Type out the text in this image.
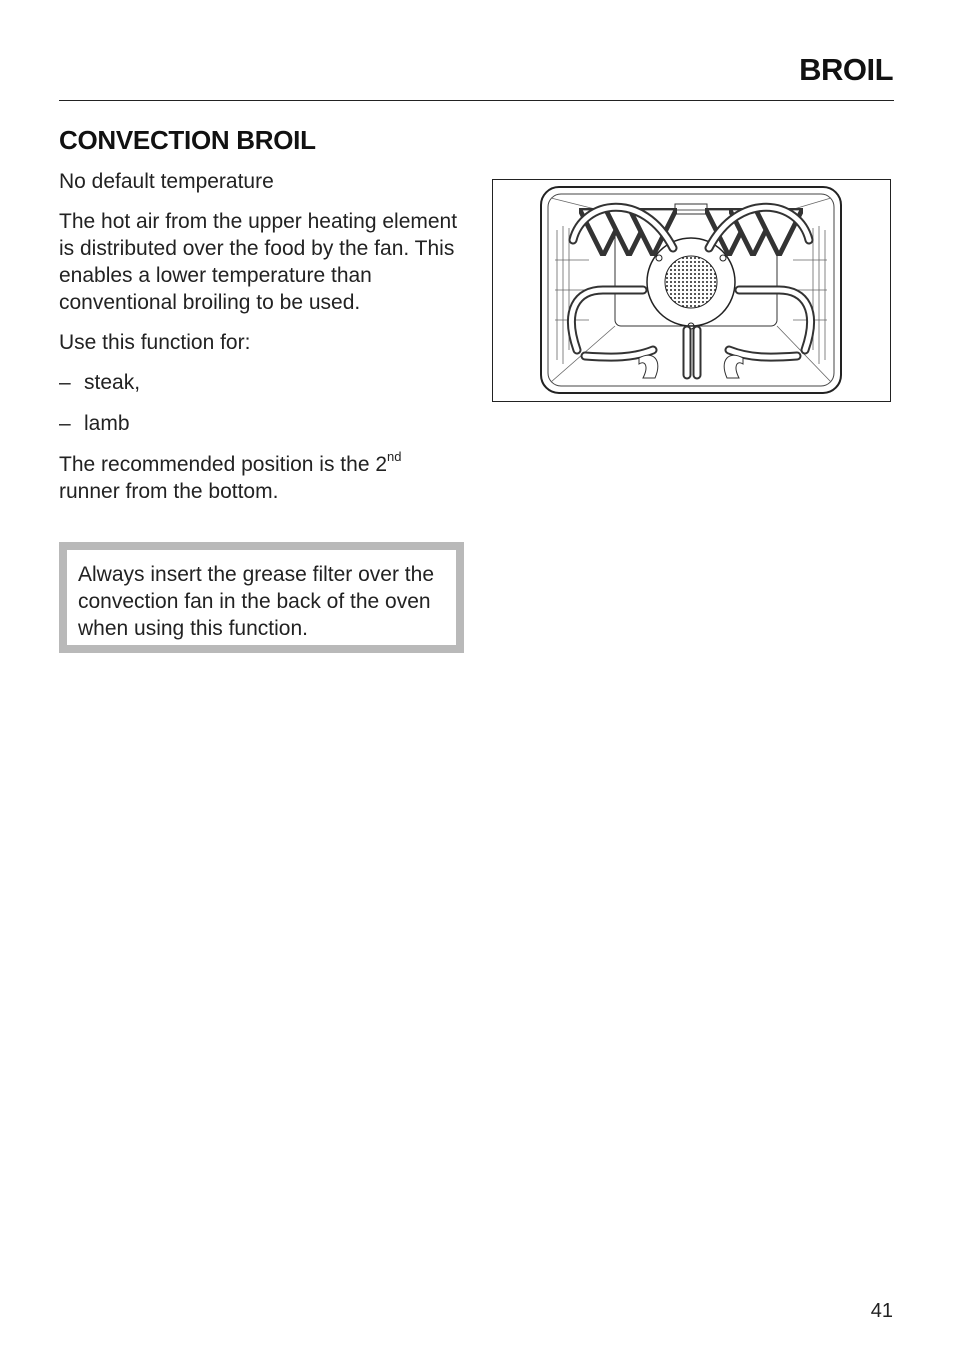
BROIL
CONVECTION BROIL

No default temperature

The hot air from the upper heating element is distributed over the food by the fan. This enables a lower temperature than conventional broiling to be used.

Use this function for:

– steak,
– lamb

The recommended position is the 2nd
runner from the bottom.

Always insert the grease filter over the convection fan in the back of the oven when using this function.
41
